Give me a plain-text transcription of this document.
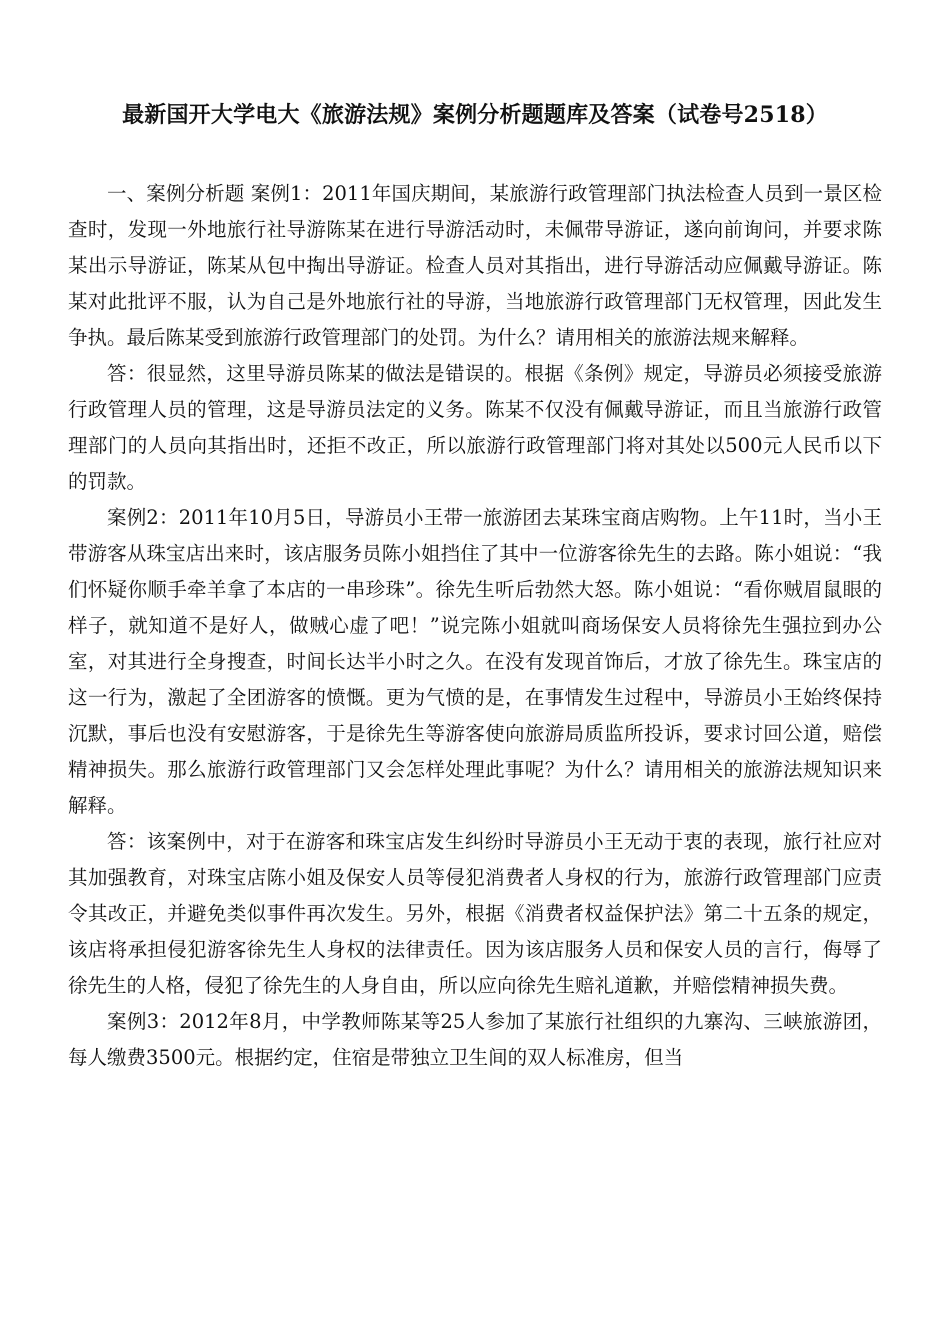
最新国开大学电大《旅游法规》案例分析题题库及答案（试卷号2518）

一、案例分析题 案例1：2011年国庆期间，某旅游行政管理部门执法检查人员到一景区检查时，发现一外地旅行社导游陈某在进行导游活动时，未佩带导游证，遂向前询问，并要求陈某出示导游证，陈某从包中掏出导游证。检查人员对其指出，进行导游活动应佩戴导游证。陈某对此批评不服，认为自己是外地旅行社的导游，当地旅游行政管理部门无权管理，因此发生争执。最后陈某受到旅游行政管理部门的处罚。为什么？请用相关的旅游法规来解释。

答：很显然，这里导游员陈某的做法是错误的。根据《条例》规定，导游员必须接受旅游行政管理人员的管理，这是导游员法定的义务。陈某不仅没有佩戴导游证，而且当旅游行政管理部门的人员向其指出时，还拒不改正，所以旅游行政管理部门将对其处以500元人民币以下的罚款。

案例2：2011年10月5日，导游员小王带一旅游团去某珠宝商店购物。上午11时，当小王带游客从珠宝店出来时，该店服务员陈小姐挡住了其中一位游客徐先生的去路。陈小姐说：“我们怀疑你顺手牵羊拿了本店的一串珍珠”。徐先生听后勃然大怒。陈小姐说：“看你贼眉鼠眼的样子，就知道不是好人，做贼心虚了吧！”说完陈小姐就叫商场保安人员将徐先生强拉到办公室，对其进行全身搜查，时间长达半小时之久。在没有发现首饰后，才放了徐先生。珠宝店的这一行为，激起了全团游客的愤慨。更为气愤的是，在事情发生过程中，导游员小王始终保持沉默，事后也没有安慰游客，于是徐先生等游客使向旅游局质监所投诉，要求讨回公道，赔偿精神损失。那么旅游行政管理部门又会怎样处理此事呢？为什么？请用相关的旅游法规知识来解释。

答：该案例中，对于在游客和珠宝店发生纠纷时导游员小王无动于衷的表现，旅行社应对其加强教育，对珠宝店陈小姐及保安人员等侵犯消费者人身权的行为，旅游行政管理部门应责令其改正，并避免类似事件再次发生。另外，根据《消费者权益保护法》第二十五条的规定，该店将承担侵犯游客徐先生人身权的法律责任。因为该店服务人员和保安人员的言行，侮辱了徐先生的人格，侵犯了徐先生的人身自由，所以应向徐先生赔礼道歉，并赔偿精神损失费。

案例3：2012年8月，中学教师陈某等25人参加了某旅行社组织的九寨沟、三峡旅游团，每人缴费3500元。根据约定，住宿是带独立卫生间的双人标准房，但当
